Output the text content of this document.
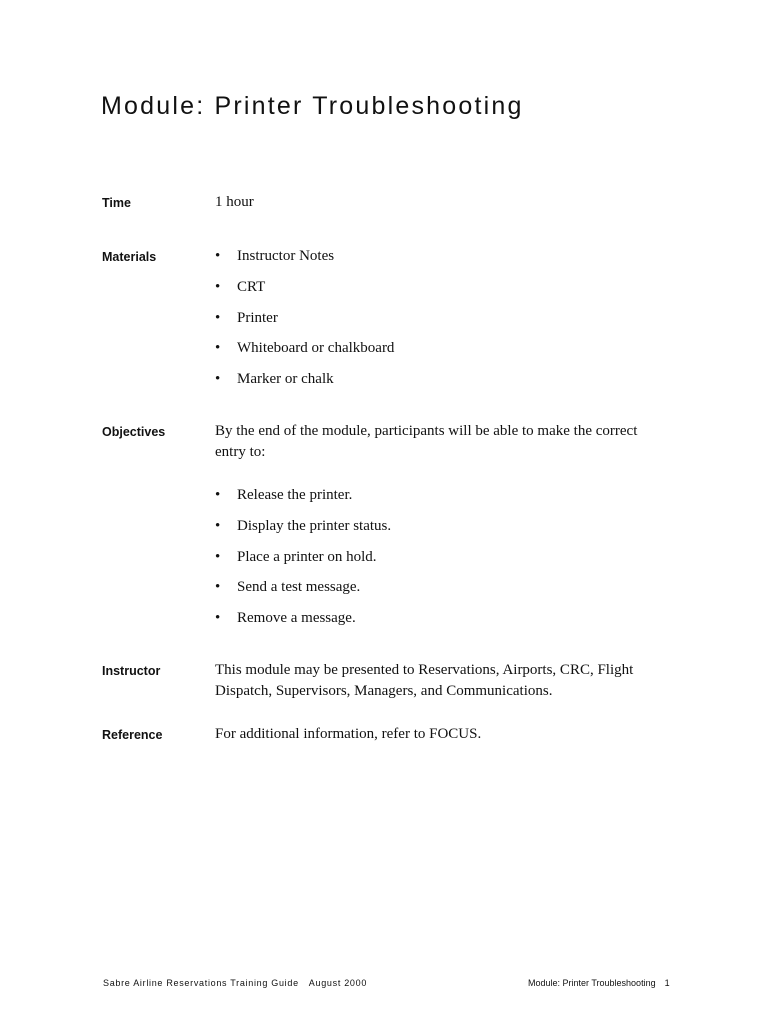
Module: Printer Troubleshooting
Time	1 hour

Materials	• Instructor Notes
• CRT
• Printer
• Whiteboard or chalkboard
• Marker or chalk
Objectives	By the end of the module, participants will be able to make the correct entry to:

• Release the printer.
• Display the printer status.
• Place a printer on hold.
• Send a test message.
• Remove a message.
Instructor	This module may be presented to Reservations, Airports, CRC, Flight Dispatch, Supervisors, Managers, and Communications.

Reference	For additional information, refer to FOCUS.

Sabre Airline Reservations Training Guide August 2000	Module: Printer Troubleshooting 1
